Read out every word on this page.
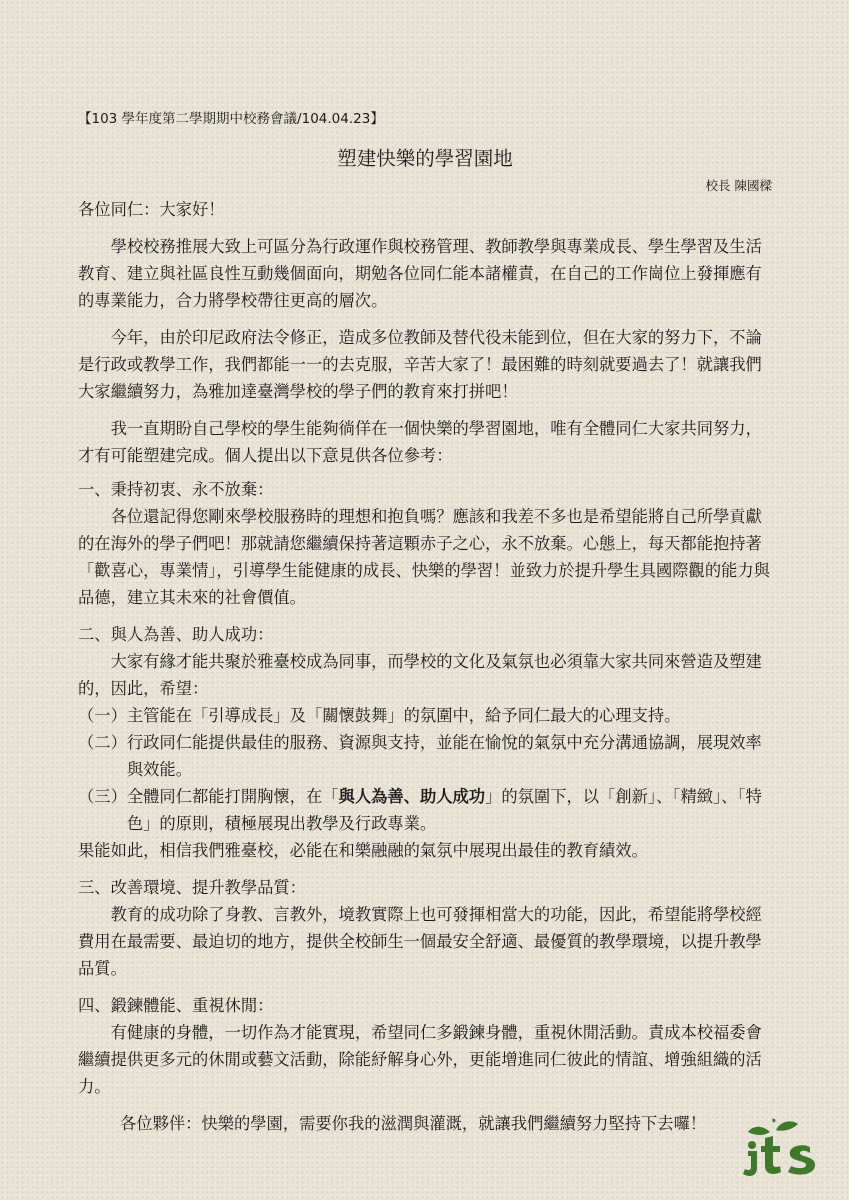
【103 學年度第二學期期中校務會議/104.04.23】
塑建快樂的學習園地
校長 陳國樑

各位同仁：大家好！

學校校務推展大致上可區分為行政運作與校務管理、教師教學與專業成長、學生學習及生活教育、建立與社區良性互動幾個面向，期勉各位同仁能本諸權責，在自己的工作崗位上發揮應有的專業能力，合力將學校帶往更高的層次。

今年，由於印尼政府法令修正，造成多位教師及替代役未能到位，但在大家的努力下，不論是行政或教學工作，我們都能一一的去克服，辛苦大家了！最困難的時刻就要過去了！就讓我們大家繼續努力，為雅加達臺灣學校的學子們的教育來打拼吧！

我一直期盼自己學校的學生能夠徜佯在一個快樂的學習園地，唯有全體同仁大家共同努力，才有可能塑建完成。個人提出以下意見供各位參考：

一、秉持初衷、永不放棄：

各位還記得您剛來學校服務時的理想和抱負嗎？應該和我差不多也是希望能將自己所學貢獻的在海外的學子們吧！那就請您繼續保持著這顆赤子之心，永不放棄。心態上，每天都能抱持著「歡喜心，專業情」，引導學生能健康的成長、快樂的學習！並致力於提升學生具國際觀的能力與品德，建立其未來的社會價值。

二、與人為善、助人成功：

大家有緣才能共聚於雅臺校成為同事，而學校的文化及氣氛也必須靠大家共同來營造及塑建的，因此，希望：

（一） 主管能在「引導成長」及「關懷鼓舞」的氛圍中，給予同仁最大的心理支持。
（二） 行政同仁能提供最佳的服務、資源與支持，並能在愉悅的氣氛中充分溝通協調，展現效率與效能。
（三） 全體同仁都能打開胸懷，在「與人為善、助人成功」的氛圍下，以「創新」、「精緻」、「特色」的原則，積極展現出教學及行政專業。

果能如此，相信我們雅臺校，必能在和樂融融的氣氛中展現出最佳的教育績效。

三、改善環境、提升教學品質：

教育的成功除了身教、言教外，境教實際上也可發揮相當大的功能，因此，希望能將學校經費用在最需要、最迫切的地方，提供全校師生一個最安全舒適、最優質的教學環境，以提升教學品質。

四、鍛鍊體能、重視休閒：

有健康的身體，一切作為才能實現，希望同仁多鍛鍊身體，重視休閒活動。責成本校福委會繼續提供更多元的休閒或藝文活動，除能紓解身心外，更能增進同仁彼此的情誼、增強組織的活力。

各位夥伴：快樂的學園，需要你我的滋潤與灌溉，就讓我們繼續努力堅持下去囉！
